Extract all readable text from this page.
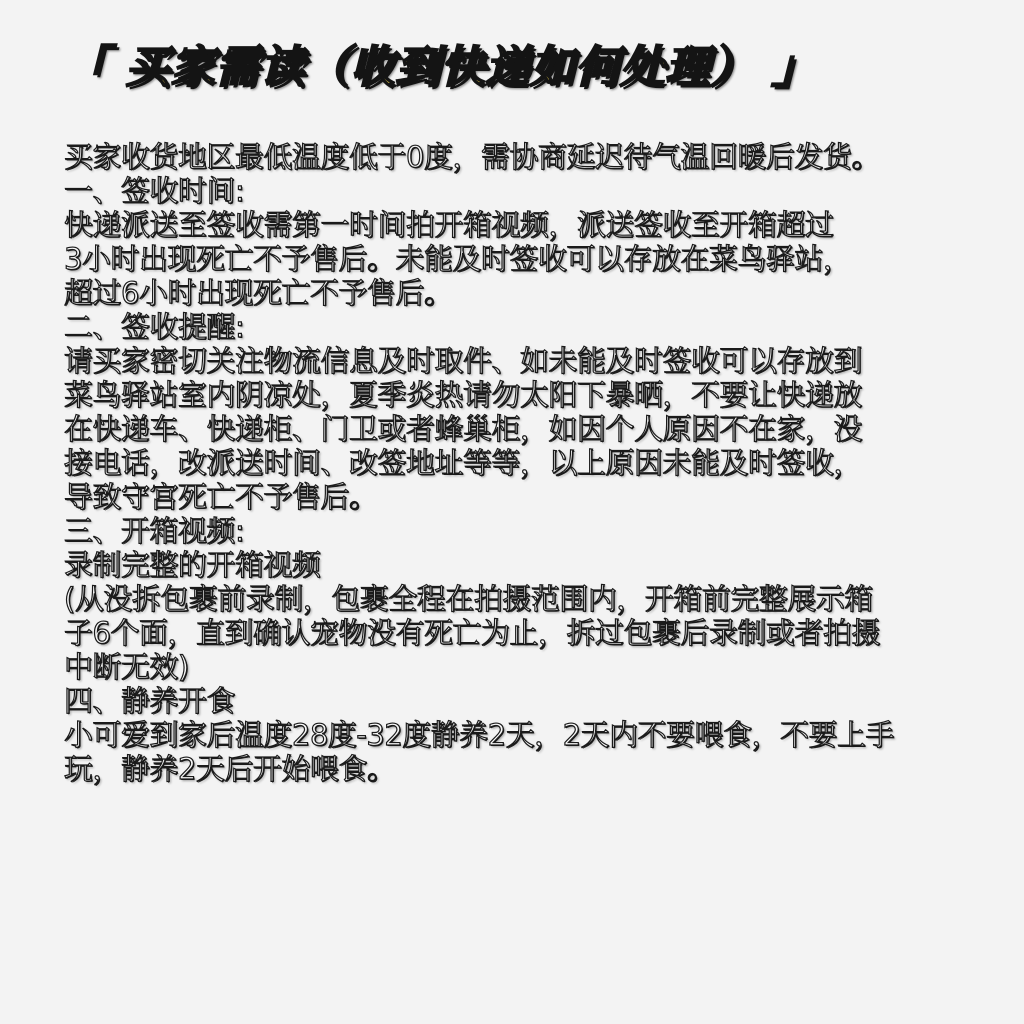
「 买家需读（收到快递如何处理） 」
买家收货地区最低温度低于0度，需协商延迟待气温回暖后发货。
一、签收时间:
快递派送至签收需第一时间拍开箱视频，派送签收至开箱超过
3小时出现死亡不予售后。未能及时签收可以存放在菜鸟驿站，
超过6小时出现死亡不予售后。
二、签收提醒:
请买家密切关注物流信息及时取件、如未能及时签收可以存放到
菜鸟驿站室内阴凉处，夏季炎热请勿太阳下暴晒，不要让快递放
在快递车、快递柜、门卫或者蜂巢柜，如因个人原因不在家，没
接电话，改派送时间、改签地址等等，以上原因未能及时签收，
导致守宫死亡不予售后。
三、开箱视频:
录制完整的开箱视频
(从没拆包裹前录制，包裹全程在拍摄范围内，开箱前完整展示箱
子6个面，直到确认宠物没有死亡为止，拆过包裹后录制或者拍摄
中断无效)
四、静养开食
小可爱到家后温度28度-32度静养2天，2天内不要喂食，不要上手
玩，静养2天后开始喂食。
